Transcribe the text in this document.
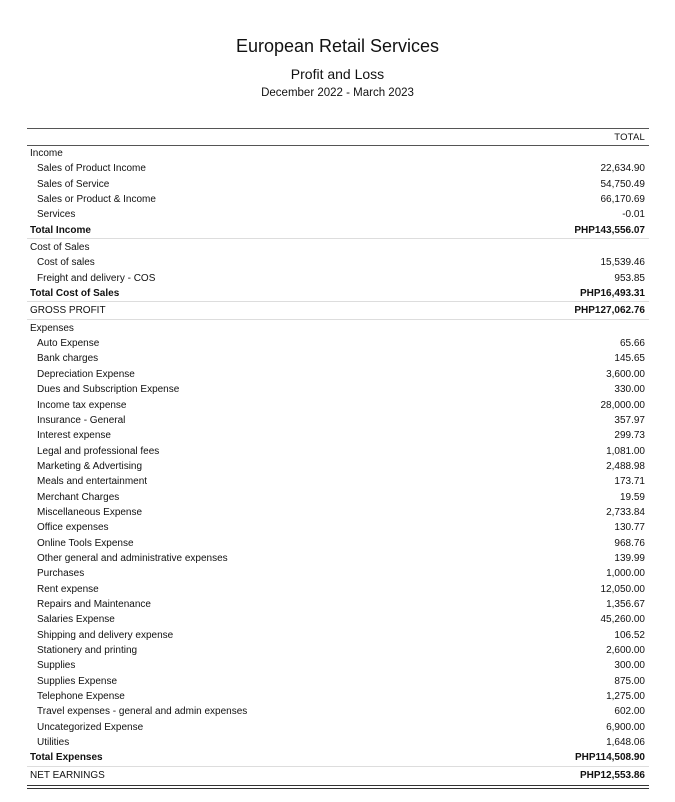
European Retail Services
Profit and Loss
December 2022 - March 2023
TOTAL
Income
Sales of Product Income	22,634.90
Sales of Service	54,750.49
Sales or Product & Income	66,170.69
Services	-0.01
Total Income	PHP143,556.07
Cost of Sales
Cost of sales	15,539.46
Freight and delivery - COS	953.85
Total Cost of Sales	PHP16,493.31
GROSS PROFIT	PHP127,062.76
Expenses
Auto Expense	65.66
Bank charges	145.65
Depreciation Expense	3,600.00
Dues and Subscription Expense	330.00
Income tax expense	28,000.00
Insurance - General	357.97
Interest expense	299.73
Legal and professional fees	1,081.00
Marketing & Advertising	2,488.98
Meals and entertainment	173.71
Merchant Charges	19.59
Miscellaneous Expense	2,733.84
Office expenses	130.77
Online Tools Expense	968.76
Other general and administrative expenses	139.99
Purchases	1,000.00
Rent expense	12,050.00
Repairs and Maintenance	1,356.67
Salaries Expense	45,260.00
Shipping and delivery expense	106.52
Stationery and printing	2,600.00
Supplies	300.00
Supplies Expense	875.00
Telephone Expense	1,275.00
Travel expenses - general and admin expenses	602.00
Uncategorized Expense	6,900.00
Utilities	1,648.06
Total Expenses	PHP114,508.90
NET EARNINGS	PHP12,553.86
